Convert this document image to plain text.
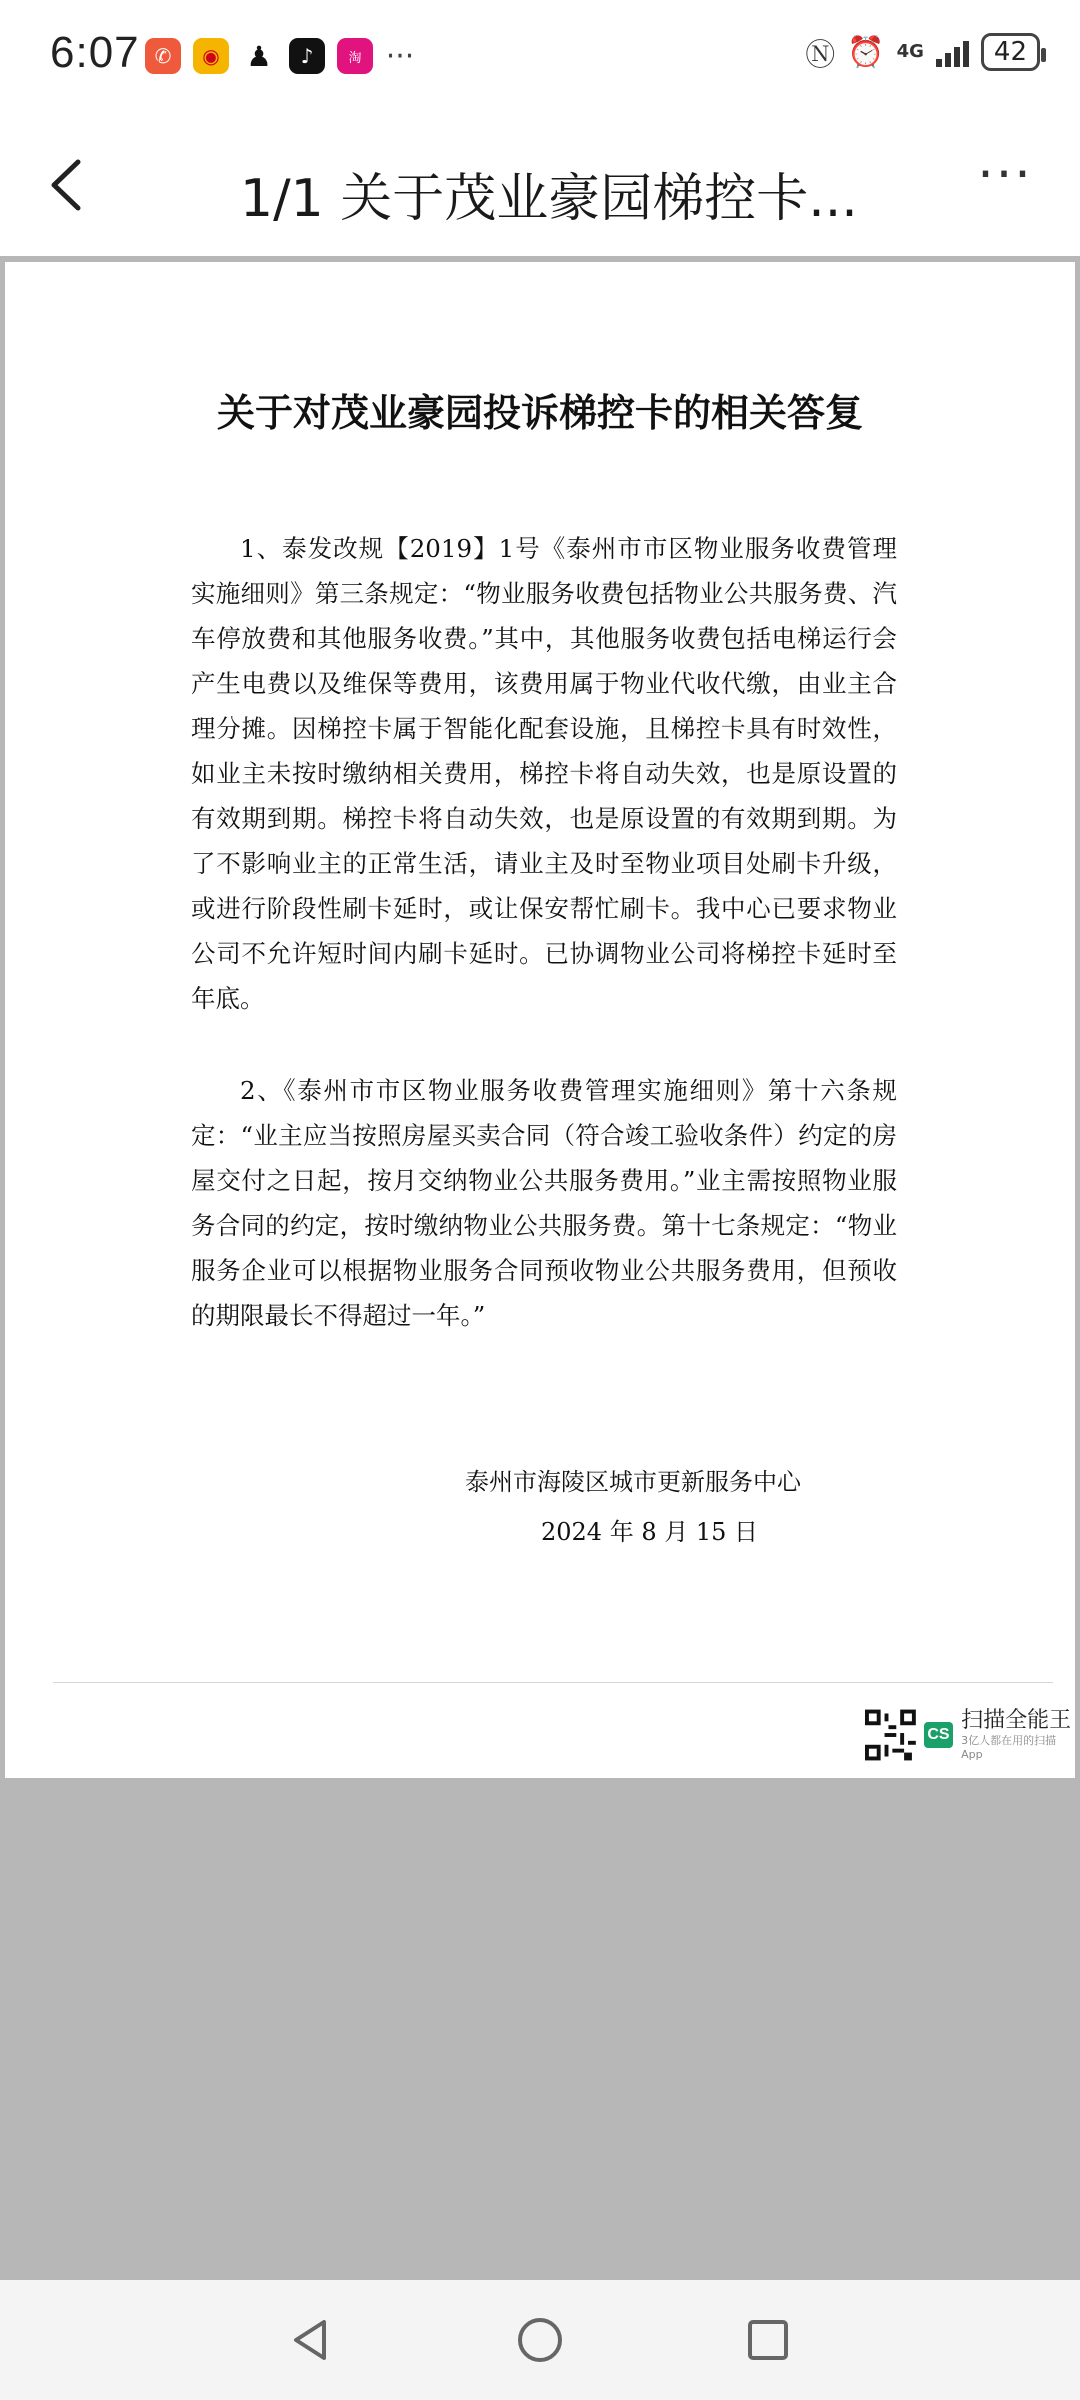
6:07 ✆	◉ ♟	♪	淘 ···	Ⓝ ⏰ 4G	42
1/1 关于茂业豪园梯控卡... ···
关于对茂业豪园投诉梯控卡的相关答复
1、泰发改规【2019】1号《泰州市市区物业服务收费管理实施细则》第三条规定：“物业服务收费包括物业公共服务费、汽车停放费和其他服务收费。”其中，其他服务收费包括电梯运行会产生电费以及维保等费用，该费用属于物业代收代缴，由业主合理分摊。因梯控卡属于智能化配套设施，且梯控卡具有时效性，如业主未按时缴纳相关费用，梯控卡将自动失效，也是原设置的有效期到期。梯控卡将自动失效，也是原设置的有效期到期。为了不影响业主的正常生活，请业主及时至物业项目处刷卡升级，或进行阶段性刷卡延时，或让保安帮忙刷卡。我中心已要求物业公司不允许短时间内刷卡延时。已协调物业公司将梯控卡延时至年底。
2、《泰州市市区物业服务收费管理实施细则》第十六条规定：“业主应当按照房屋买卖合同（符合竣工验收条件）约定的房屋交付之日起，按月交纳物业公共服务费用。”业主需按照物业服务合同的约定，按时缴纳物业公共服务费。第十七条规定：“物业服务企业可以根据物业服务合同预收物业公共服务费用，但预收的期限最长不得超过一年。”
泰州市海陵区城市更新服务中心
2024 年 8 月 15 日
CS
扫描全能王
3亿人都在用的扫描App
